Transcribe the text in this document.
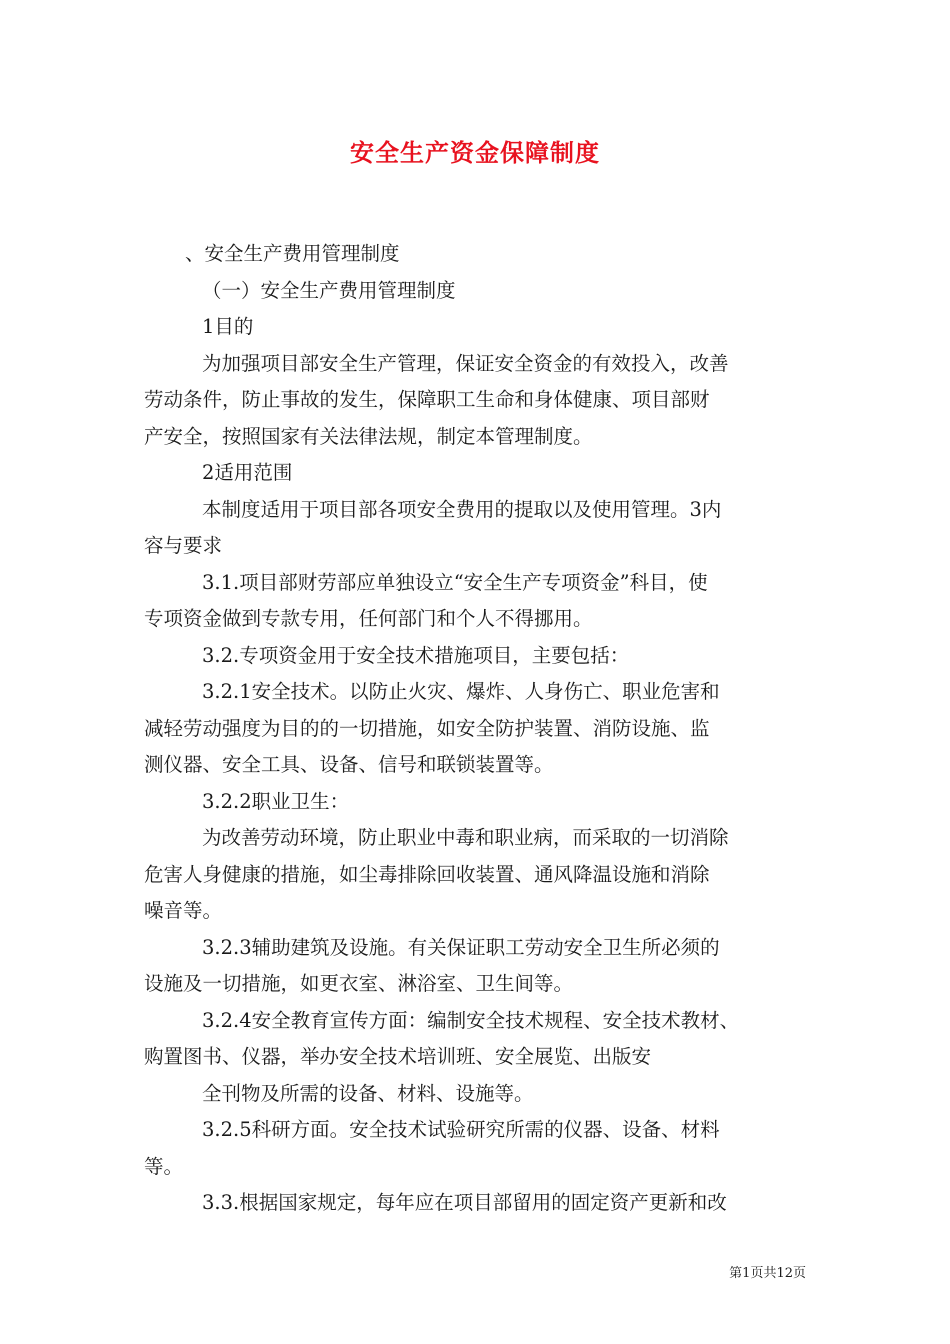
安全生产资金保障制度
、安全生产费用管理制度
（一）安全生产费用管理制度
1目的
为加强项目部安全生产管理，保证安全资金的有效投入，改善
劳动条件，防止事故的发生，保障职工生命和身体健康、项目部财
产安全，按照国家有关法律法规，制定本管理制度。
2适用范围
本制度适用于项目部各项安全费用的提取以及使用管理。3内
容与要求
3.1.项目部财劳部应单独设立“安全生产专项资金”科目，使
专项资金做到专款专用，任何部门和个人不得挪用。
3.2.专项资金用于安全技术措施项目，主要包括：
3.2.1安全技术。以防止火灾、爆炸、人身伤亡、职业危害和
减轻劳动强度为目的的一切措施，如安全防护装置、消防设施、监
测仪器、安全工具、设备、信号和联锁装置等。
3.2.2职业卫生：
为改善劳动环境，防止职业中毒和职业病，而采取的一切消除
危害人身健康的措施，如尘毒排除回收装置、通风降温设施和消除
噪音等。
3.2.3辅助建筑及设施。有关保证职工劳动安全卫生所必须的
设施及一切措施，如更衣室、淋浴室、卫生间等。
3.2.4安全教育宣传方面：编制安全技术规程、安全技术教材、
购置图书、仪器，举办安全技术培训班、安全展览、出版安
全刊物及所需的设备、材料、设施等。
3.2.5科研方面。安全技术试验研究所需的仪器、设备、材料
等。
3.3.根据国家规定，每年应在项目部留用的固定资产更新和改
第1页共12页
